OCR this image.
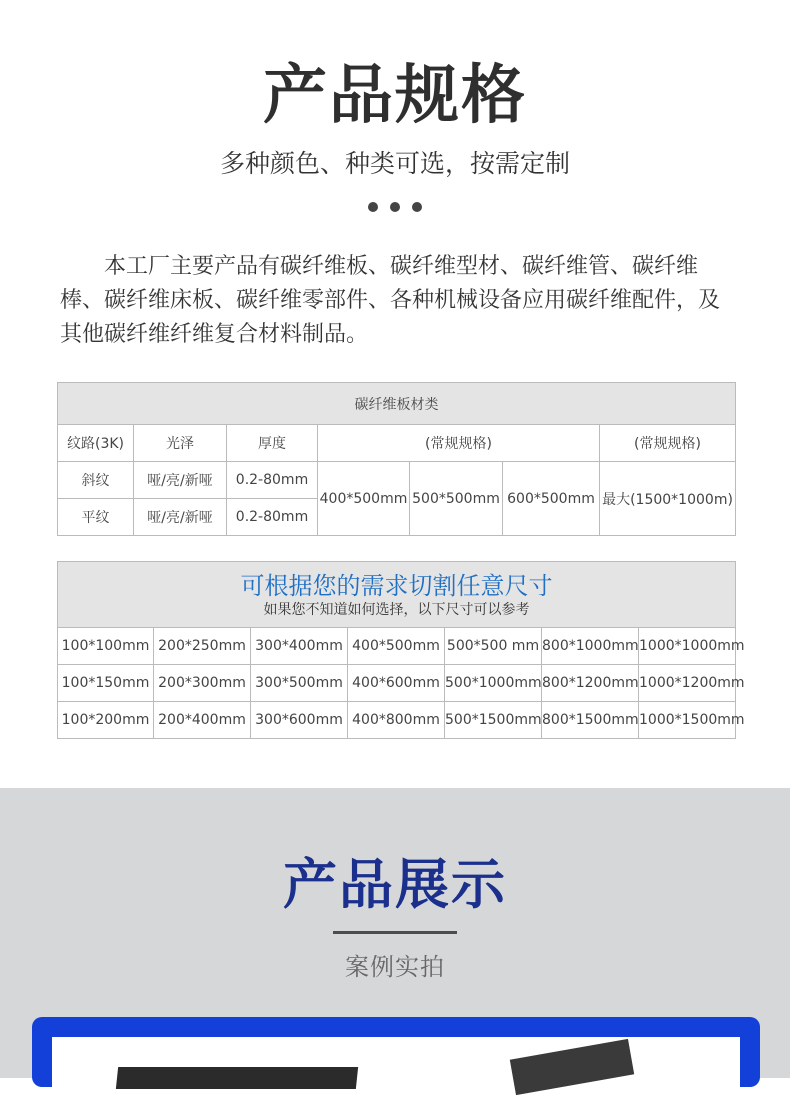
产品规格
多种颜色、种类可选，按需定制

本工厂主要产品有碳纤维板、碳纤维型材、碳纤维管、碳纤维棒、碳纤维床板、碳纤维零部件、各种机械设备应用碳纤维配件，及其他碳纤维纤维复合材料制品。

碳纤维板材类						
纹路(3K)	光泽	厚度	(常规规格)			(常规规格)
斜纹	哑/亮/新哑	0.2-80mm	400*500mm	500*500mm	600*500mm	最大(1500*1000m)
平纹	哑/亮/新哑	0.2-80mm				
可根据您的需求切割任意尺寸
如果您不知道如何选择，以下尺寸可以参考						

100*100mm	200*250mm	300*400mm	400*500mm	500*500 mm	800*1000mm	1000*1000mm
100*150mm	200*300mm	300*500mm	400*600mm	500*1000mm	800*1200mm	1000*1200mm
100*200mm	200*400mm	300*600mm	400*800mm	500*1500mm	800*1500mm	1000*1500mm
产品展示
案例实拍
